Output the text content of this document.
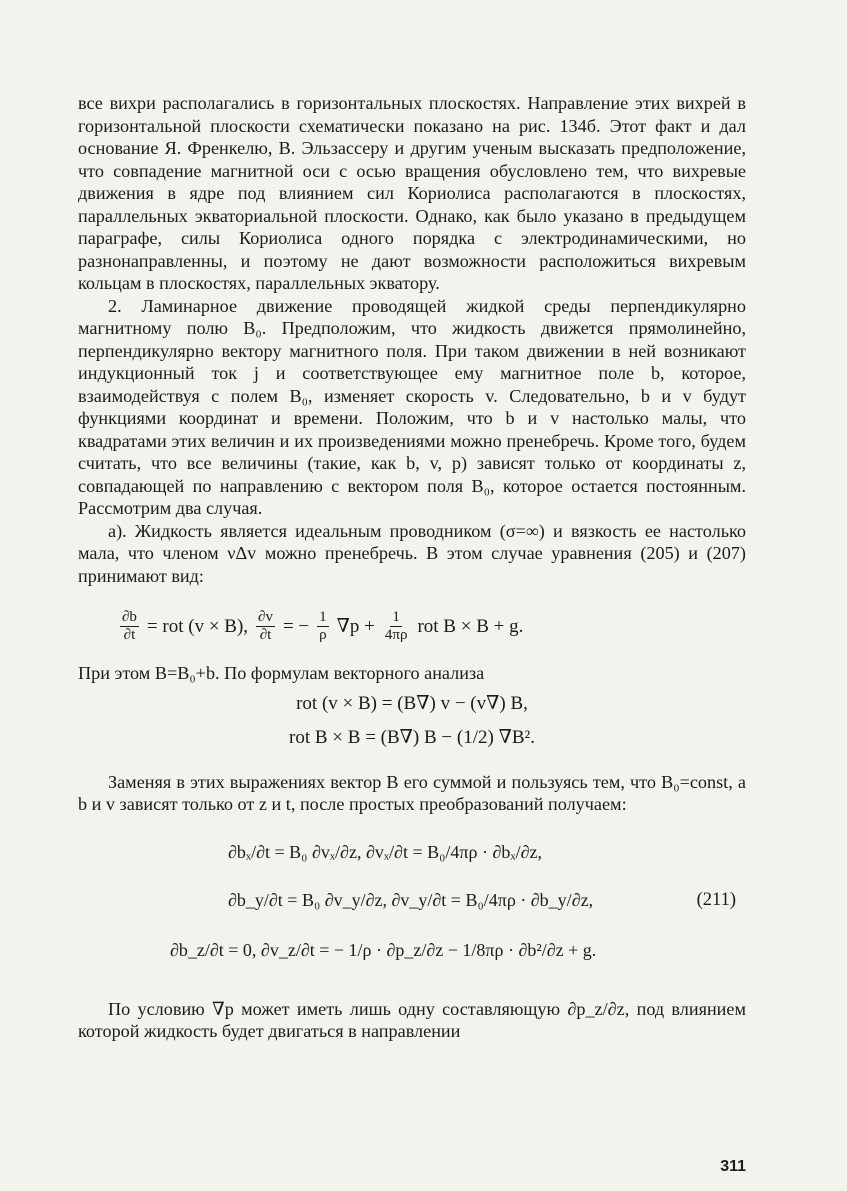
все вихри располагались в горизонтальных плоскостях. Направление этих вихрей в горизонтальной плоскости схематически показано на рис. 134б. Этот факт и дал основание Я. Френкелю, В. Эльзассеру и другим ученым высказать предположение, что совпадение магнитной оси с осью вращения обусловлено тем, что вихревые движения в ядре под влиянием сил Кориолиса располагаются в плоскостях, параллельных экваториальной плоскости. Однако, как было указано в предыдущем параграфе, силы Кориолиса одного порядка с электродинамическими, но разнонаправленны, и поэтому не дают возможности расположиться вихревым кольцам в плоскостях, параллельных экватору.

2. Ламинарное движение проводящей жидкой среды перпендикулярно магнитному полю B₀. Предположим, что жидкость движется прямолинейно, перпендикулярно вектору магнитного поля. При таком движении в ней возникают индукционный ток j и соответствующее ему магнитное поле b, которое, взаимодействуя с полем B₀, изменяет скорость v. Следовательно, b и v будут функциями координат и времени. Положим, что b и v настолько малы, что квадратами этих величин и их произведениями можно пренебречь. Кроме того, будем считать, что все величины (такие, как b, v, p) зависят только от координаты z, совпадающей по направлению с вектором поля B₀, которое остается постоянным. Рассмотрим два случая.

а). Жидкость является идеальным проводником (σ=∞) и вязкость ее настолько мала, что членом νΔv можно пренебречь. В этом случае уравнения (205) и (207) принимают вид:

$\frac{\partial b}{\partial t}$ = rot (v × B), $\frac{\partial v}{\partial t}$ = − $\frac{1}{\rho} \nabla p + \frac{1}{4\pi\rho}$ rot B × B + g.

При этом B=B₀+b. По формулам векторного анализа

rot (v × B) = (B∇) v − (v∇) B,
rot B × B = (B∇) B − (1/2) ∇B².

Заменяя в этих выражениях вектор B его суммой и пользуясь тем, что B₀=const, а b и v зависят только от z и t, после простых преобразований получаем:

∂bₓ/∂t = B₀ ∂vₓ/∂z, ∂vₓ/∂t = B₀/4πρ · ∂bₓ/∂z,
∂b_y/∂t = B₀ ∂v_y/∂z, ∂v_y/∂t = B₀/4πρ · ∂b_y/∂z,
∂b_z/∂t = 0, ∂v_z/∂t = − 1/ρ · ∂p_z/∂z − 1/8πρ · ∂b²/∂z + g.
(211)

По условию ∇p может иметь лишь одну составляющую ∂p_z/∂z, под влиянием которой жидкость будет двигаться в направлении

311
